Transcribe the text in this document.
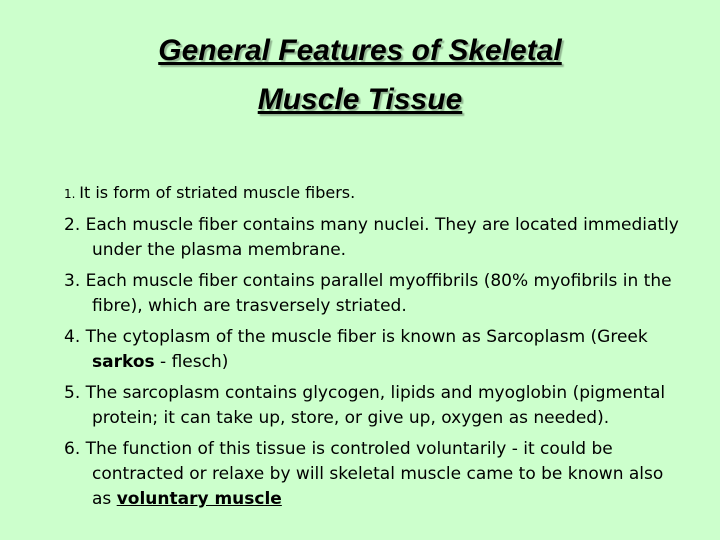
General Features of Skeletal
Muscle Tissue
1. It is form of striated muscle fibers.
2. Each muscle fiber contains many nuclei. They are located immediatly under the plasma membrane.
3. Each muscle fiber contains parallel myoffibrils (80% myofibrils in the fibre), which are trasversely striated.
4. The cytoplasm of the muscle fiber is known as Sarcoplasm (Greek sarkos - flesch)
5. The sarcoplasm contains glycogen, lipids and myoglobin (pigmental protein; it can take up, store, or give up, oxygen as needed).
6. The function of this tissue is controled voluntarily - it could be contracted or relaxe by will skeletal muscle came to be known also as voluntary muscle
